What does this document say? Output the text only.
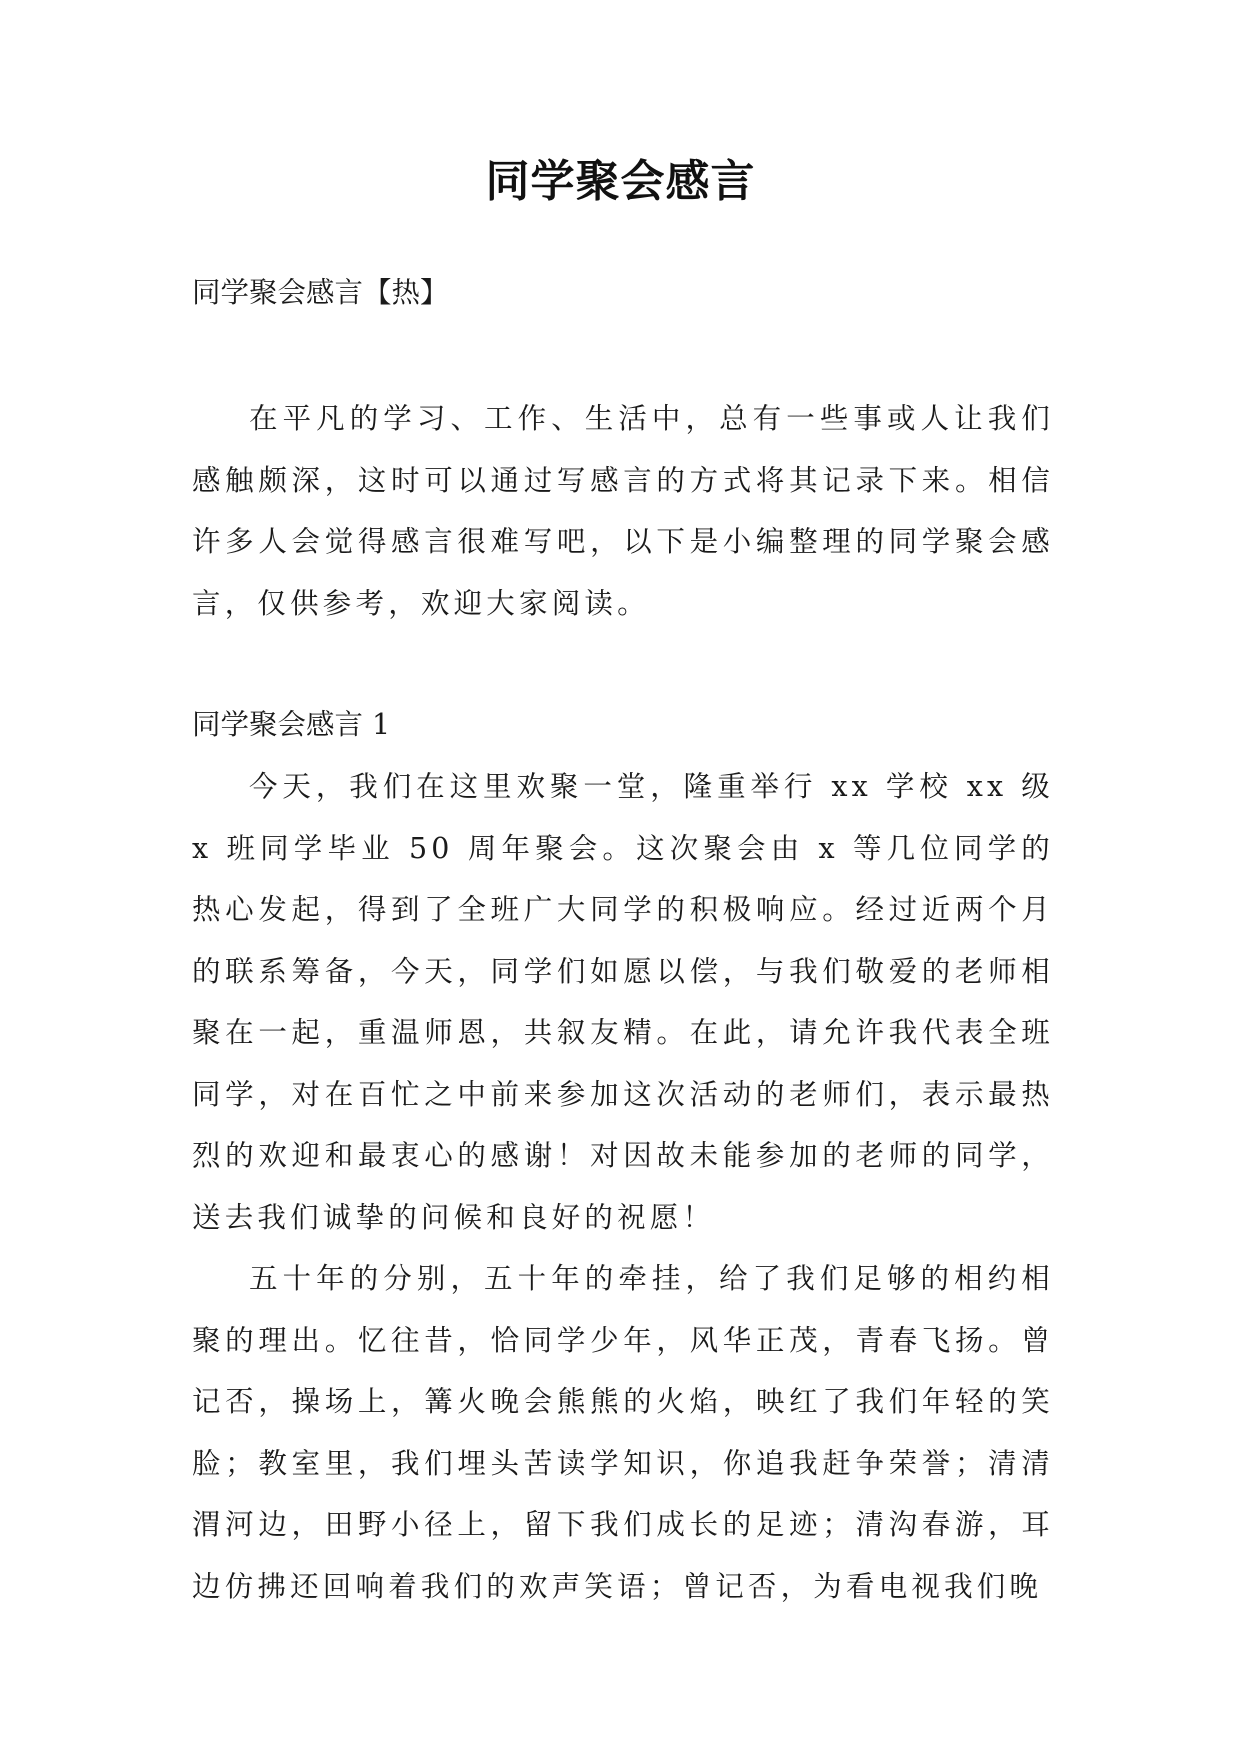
同学聚会感言

同学聚会感言【热】

在平凡的学习、工作、生活中，总有一些事或人让我们感触颇深，这时可以通过写感言的方式将其记录下来。相信许多人会觉得感言很难写吧，以下是小编整理的同学聚会感言，仅供参考，欢迎大家阅读。

同学聚会感言 1

今天，我们在这里欢聚一堂，隆重举行 xx 学校 xx 级 x 班同学毕业 50 周年聚会。这次聚会由 x 等几位同学的热心发起，得到了全班广大同学的积极响应。经过近两个月的联系筹备，今天，同学们如愿以偿，与我们敬爱的老师相聚在一起，重温师恩，共叙友精。在此，请允许我代表全班同学，对在百忙之中前来参加这次活动的老师们，表示最热烈的欢迎和最衷心的感谢！对因故未能参加的老师的同学，送去我们诚挚的问候和良好的祝愿！

五十年的分别，五十年的牵挂，给了我们足够的相约相聚的理出。忆往昔，恰同学少年，风华正茂，青春飞扬。曾记否，操场上，篝火晚会熊熊的火焰，映红了我们年轻的笑脸；教室里，我们埋头苦读学知识，你追我赶争荣誉；清清渭河边，田野小径上，留下我们成长的足迹；清沟春游，耳边仿拂还回响着我们的欢声笑语；曾记否，为看电视我们晚
